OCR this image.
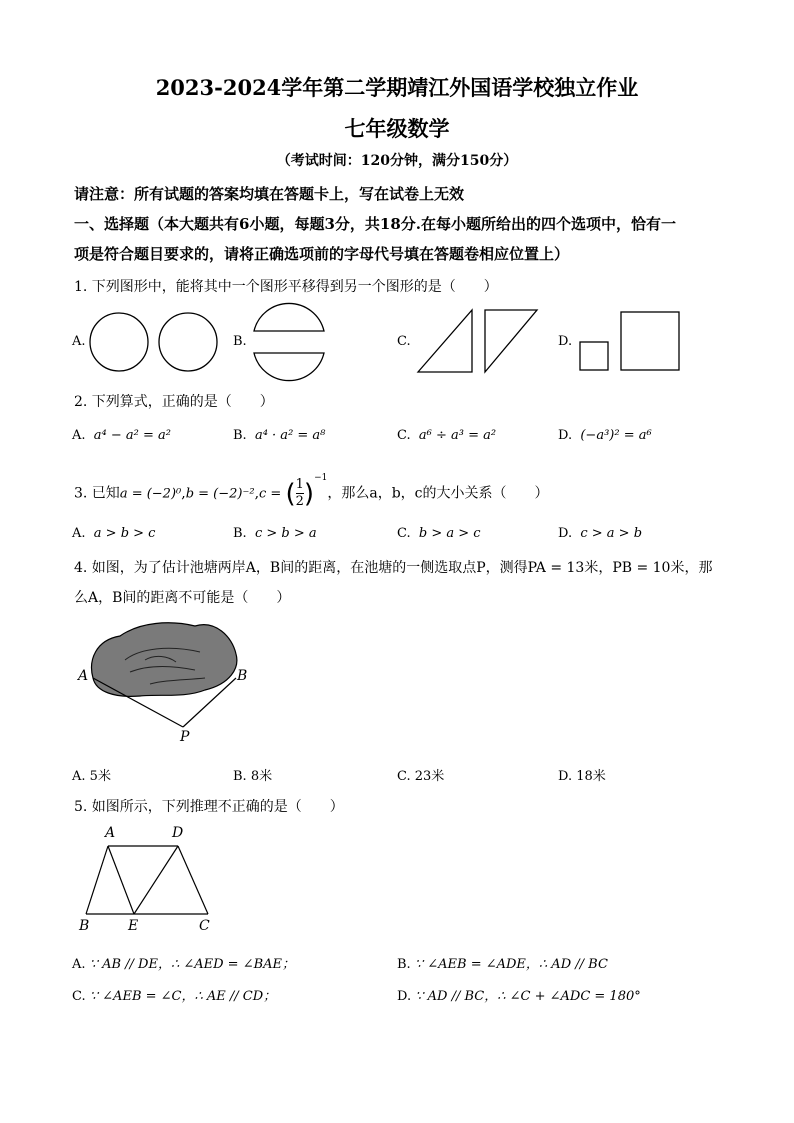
2023-2024学年第二学期靖江外国语学校独立作业
七年级数学
（考试时间：120分钟，满分150分）
请注意：所有试题的答案均填在答题卡上，写在试卷上无效
一、选择题（本大题共有6小题，每题3分，共18分.在每小题所给出的四个选项中，恰有一
项是符合题目要求的，请将正确选项前的字母代号填在答题卷相应位置上）
1. 下列图形中，能将其中一个图形平移得到另一个图形的是（　　）
A.	B.	C.	D.
2. 下列算式，正确的是（　　）
A. a⁴ − a² = a²	B. a⁴ · a² = a⁸	C. a⁶ ÷ a³ = a²	D. (−a³)² = a⁶
3. 已知a = (−2)⁰,b = (−2)⁻²,c = ( $\frac{1}{2} )^{-1}$，那么a，b，c的大小关系（　　）
A. a > b > c	B. c > b > a	C. b > a > c	D. c > a > b
4. 如图，为了估计池塘两岸A，B间的距离，在池塘的一侧选取点P，测得PA = 13米，PB = 10米，那
么A，B间的距离不可能是（　　）
A	B
P
A. 5米	B. 8米	C. 23米	D. 18米
5. 如图所示，下列推理不正确的是（　　）
A	D
B	E	C
A. ∵ AB // DE，∴ ∠AED = ∠BAE；	B. ∵ ∠AEB = ∠ADE，∴ AD // BC
C. ∵ ∠AEB = ∠C，∴ AE // CD；	D. ∵ AD // BC，∴ ∠C + ∠ADC = 180°
